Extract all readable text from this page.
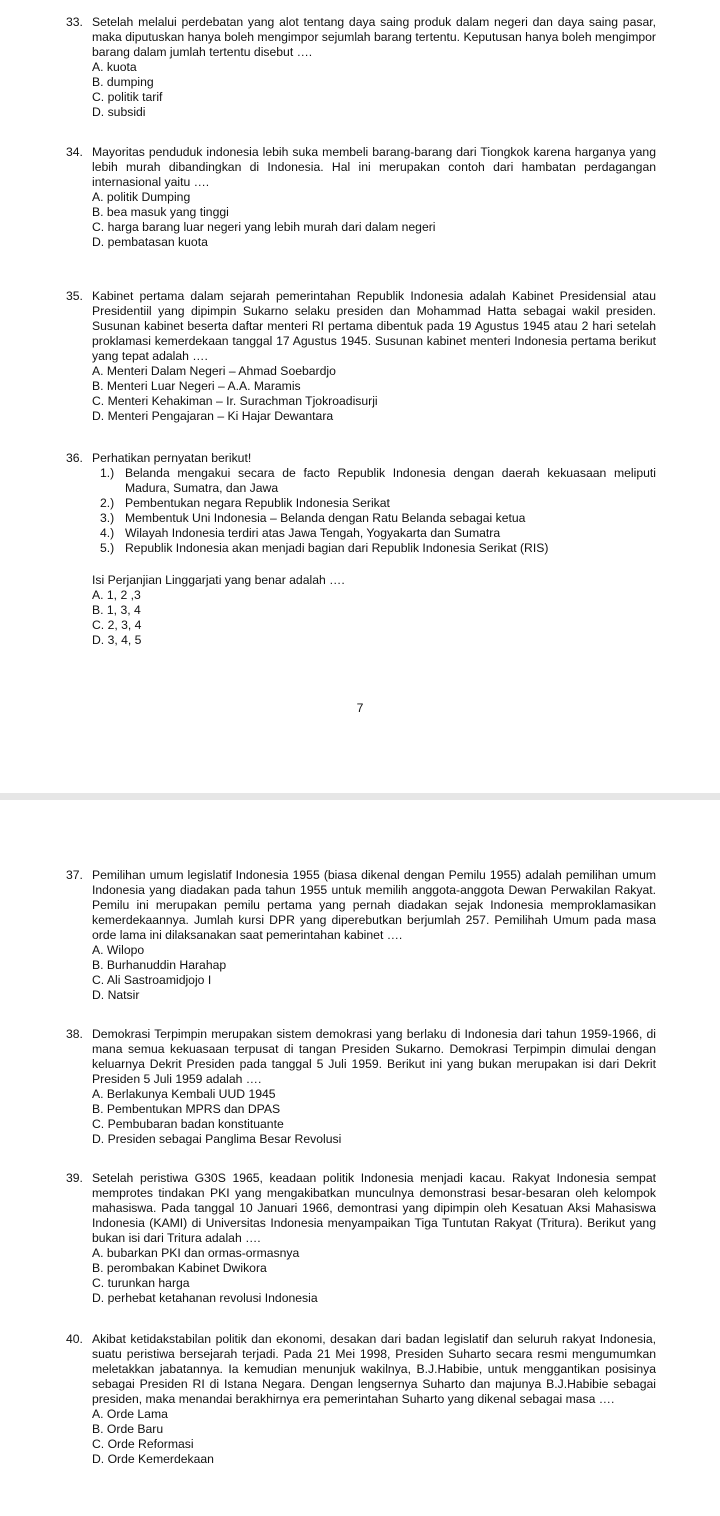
33. Setelah melalui perdebatan yang alot tentang daya saing produk dalam negeri dan daya saing pasar, maka diputuskan hanya boleh mengimpor sejumlah barang tertentu. Keputusan hanya boleh mengimpor barang dalam jumlah tertentu disebut ….
A. kuota
B. dumping
C. politik tarif
D. subsidi
34. Mayoritas penduduk indonesia lebih suka membeli barang-barang dari Tiongkok karena harganya yang lebih murah dibandingkan di Indonesia. Hal ini merupakan contoh dari hambatan perdagangan internasional yaitu ….
A. politik Dumping
B. bea masuk yang tinggi
C. harga barang luar negeri yang lebih murah dari dalam negeri
D. pembatasan kuota
35. Kabinet pertama dalam sejarah pemerintahan Republik Indonesia adalah Kabinet Presidensial atau Presidentiil yang dipimpin Sukarno selaku presiden dan Mohammad Hatta sebagai wakil presiden. Susunan kabinet beserta daftar menteri RI pertama dibentuk pada 19 Agustus 1945 atau 2 hari setelah proklamasi kemerdekaan tanggal 17 Agustus 1945. Susunan kabinet menteri Indonesia pertama berikut yang tepat adalah ….
A. Menteri Dalam Negeri – Ahmad Soebardjo
B. Menteri Luar Negeri – A.A. Maramis
C. Menteri Kehakiman – Ir. Surachman Tjokroadisurji
D. Menteri Pengajaran – Ki Hajar Dewantara
36. Perhatikan pernyatan berikut!
1.) Belanda mengakui secara de facto Republik Indonesia dengan daerah kekuasaan meliputi Madura, Sumatra, dan Jawa
2.) Pembentukan negara Republik Indonesia Serikat
3.) Membentuk Uni Indonesia – Belanda dengan Ratu Belanda sebagai ketua
4.) Wilayah Indonesia terdiri atas Jawa Tengah, Yogyakarta dan Sumatra
5.) Republik Indonesia akan menjadi bagian dari Republik Indonesia Serikat (RIS)
Isi Perjanjian Linggarjati yang benar adalah ….
A. 1, 2 ,3
B. 1, 3, 4
C. 2, 3, 4
D. 3, 4, 5
7
37. Pemilihan umum legislatif Indonesia 1955 (biasa dikenal dengan Pemilu 1955) adalah pemilihan umum Indonesia yang diadakan pada tahun 1955 untuk memilih anggota-anggota Dewan Perwakilan Rakyat. Pemilu ini merupakan pemilu pertama yang pernah diadakan sejak Indonesia memproklamasikan kemerdekaannya. Jumlah kursi DPR yang diperebutkan berjumlah 257. Pemilihah Umum pada masa orde lama ini dilaksanakan saat pemerintahan kabinet ….
A. Wilopo
B. Burhanuddin Harahap
C. Ali Sastroamidjojo I
D. Natsir
38. Demokrasi Terpimpin merupakan sistem demokrasi yang berlaku di Indonesia dari tahun 1959-1966, di mana semua kekuasaan terpusat di tangan Presiden Sukarno. Demokrasi Terpimpin dimulai dengan keluarnya Dekrit Presiden pada tanggal 5 Juli 1959. Berikut ini yang bukan merupakan isi dari Dekrit Presiden 5 Juli 1959 adalah ….
A. Berlakunya Kembali UUD 1945
B. Pembentukan MPRS dan DPAS
C. Pembubaran badan konstituante
D. Presiden sebagai Panglima Besar Revolusi
39. Setelah peristiwa G30S 1965, keadaan politik Indonesia menjadi kacau. Rakyat Indonesia sempat memprotes tindakan PKI yang mengakibatkan munculnya demonstrasi besar-besaran oleh kelompok mahasiswa. Pada tanggal 10 Januari 1966, demontrasi yang dipimpin oleh Kesatuan Aksi Mahasiswa Indonesia (KAMI) di Universitas Indonesia menyampaikan Tiga Tuntutan Rakyat (Tritura). Berikut yang bukan isi dari Tritura adalah ….
A. bubarkan PKI dan ormas-ormasnya
B. perombakan Kabinet Dwikora
C. turunkan harga
D. perhebat ketahanan revolusi Indonesia
40. Akibat ketidakstabilan politik dan ekonomi, desakan dari badan legislatif dan seluruh rakyat Indonesia, suatu peristiwa bersejarah terjadi. Pada 21 Mei 1998, Presiden Suharto secara resmi mengumumkan meletakkan jabatannya. Ia kemudian menunjuk wakilnya, B.J.Habibie, untuk menggantikan posisinya sebagai Presiden RI di Istana Negara. Dengan lengsernya Suharto dan majunya B.J.Habibie sebagai presiden, maka menandai berakhirnya era pemerintahan Suharto yang dikenal sebagai masa ….
A. Orde Lama
B. Orde Baru
C. Orde Reformasi
D. Orde Kemerdekaan
